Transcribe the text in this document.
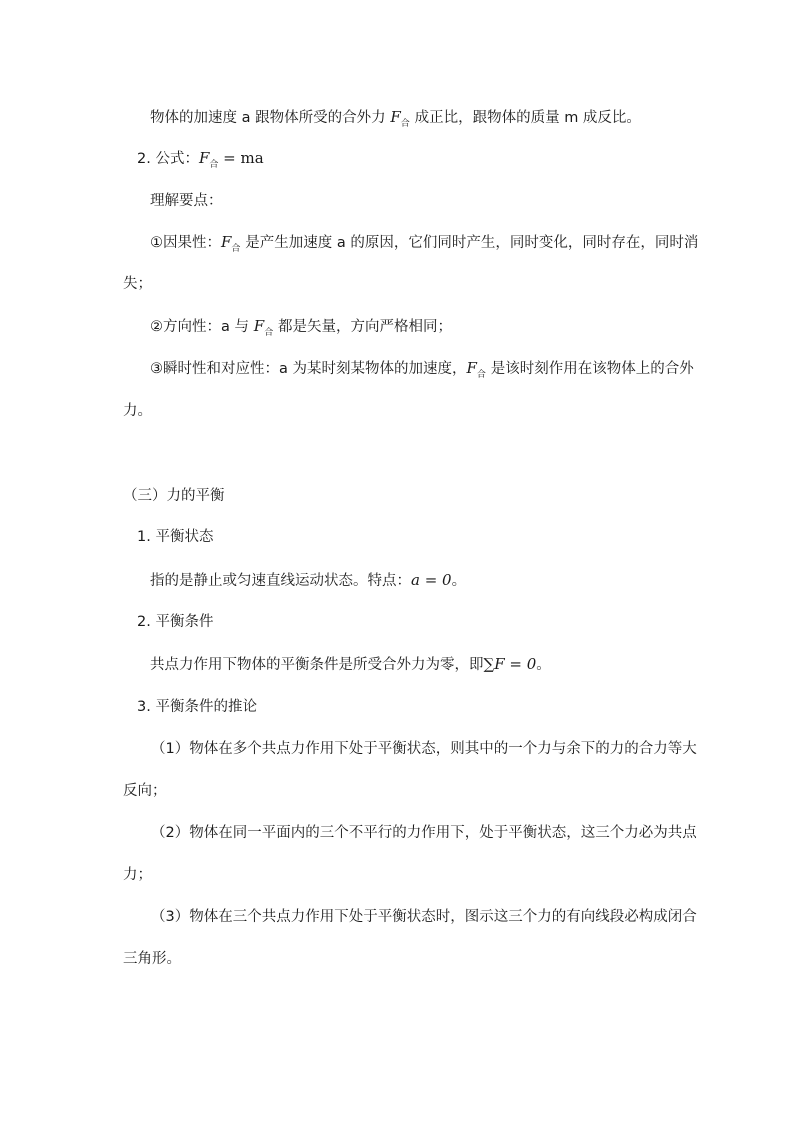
物体的加速度 a 跟物体所受的合外力 $F_合$ 成正比，跟物体的质量 m 成反比。
2. 公式：$F_合$ = ma
理解要点：
①因果性：$F_合$ 是产生加速度 a 的原因，它们同时产生，同时变化，同时存在，同时消
失；
②方向性：a 与 $F_合$ 都是矢量，方向严格相同；
③瞬时性和对应性：a 为某时刻某物体的加速度，$F_合$ 是该时刻作用在该物体上的合外
力。
（三）力的平衡
1. 平衡状态
指的是静止或匀速直线运动状态。特点：a = 0。
2. 平衡条件
共点力作用下物体的平衡条件是所受合外力为零，即∑F = 0。
3. 平衡条件的推论
（1）物体在多个共点力作用下处于平衡状态，则其中的一个力与余下的力的合力等大
反向；
（2）物体在同一平面内的三个不平行的力作用下，处于平衡状态，这三个力必为共点
力；
（3）物体在三个共点力作用下处于平衡状态时，图示这三个力的有向线段必构成闭合
三角形。
